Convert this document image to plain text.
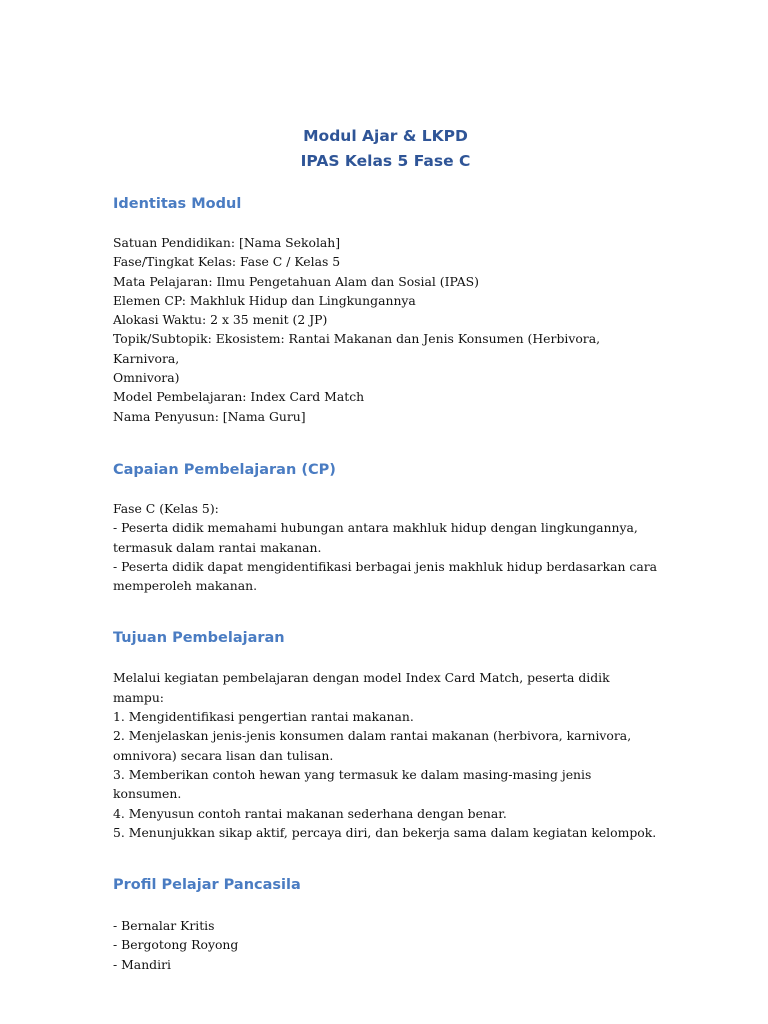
Modul Ajar & LKPD
IPAS Kelas 5 Fase C
Identitas Modul

Satuan Pendidikan: [Nama Sekolah]
Fase/Tingkat Kelas: Fase C / Kelas 5
Mata Pelajaran: Ilmu Pengetahuan Alam dan Sosial (IPAS)
Elemen CP: Makhluk Hidup dan Lingkungannya
Alokasi Waktu: 2 x 35 menit (2 JP)
Topik/Subtopik: Ekosistem: Rantai Makanan dan Jenis Konsumen (Herbivora, Karnivora,
Omnivora)
Model Pembelajaran: Index Card Match
Nama Penyusun: [Nama Guru]

Capaian Pembelajaran (CP)

Fase C (Kelas 5):
- Peserta didik memahami hubungan antara makhluk hidup dengan lingkungannya,
termasuk dalam rantai makanan.
- Peserta didik dapat mengidentifikasi berbagai jenis makhluk hidup berdasarkan cara
memperoleh makanan.

Tujuan Pembelajaran

Melalui kegiatan pembelajaran dengan model Index Card Match, peserta didik mampu:
1. Mengidentifikasi pengertian rantai makanan.
2. Menjelaskan jenis-jenis konsumen dalam rantai makanan (herbivora, karnivora,
omnivora) secara lisan dan tulisan.
3. Memberikan contoh hewan yang termasuk ke dalam masing-masing jenis konsumen.
4. Menyusun contoh rantai makanan sederhana dengan benar.
5. Menunjukkan sikap aktif, percaya diri, dan bekerja sama dalam kegiatan kelompok.

Profil Pelajar Pancasila

- Bernalar Kritis
- Bergotong Royong
- Mandiri
